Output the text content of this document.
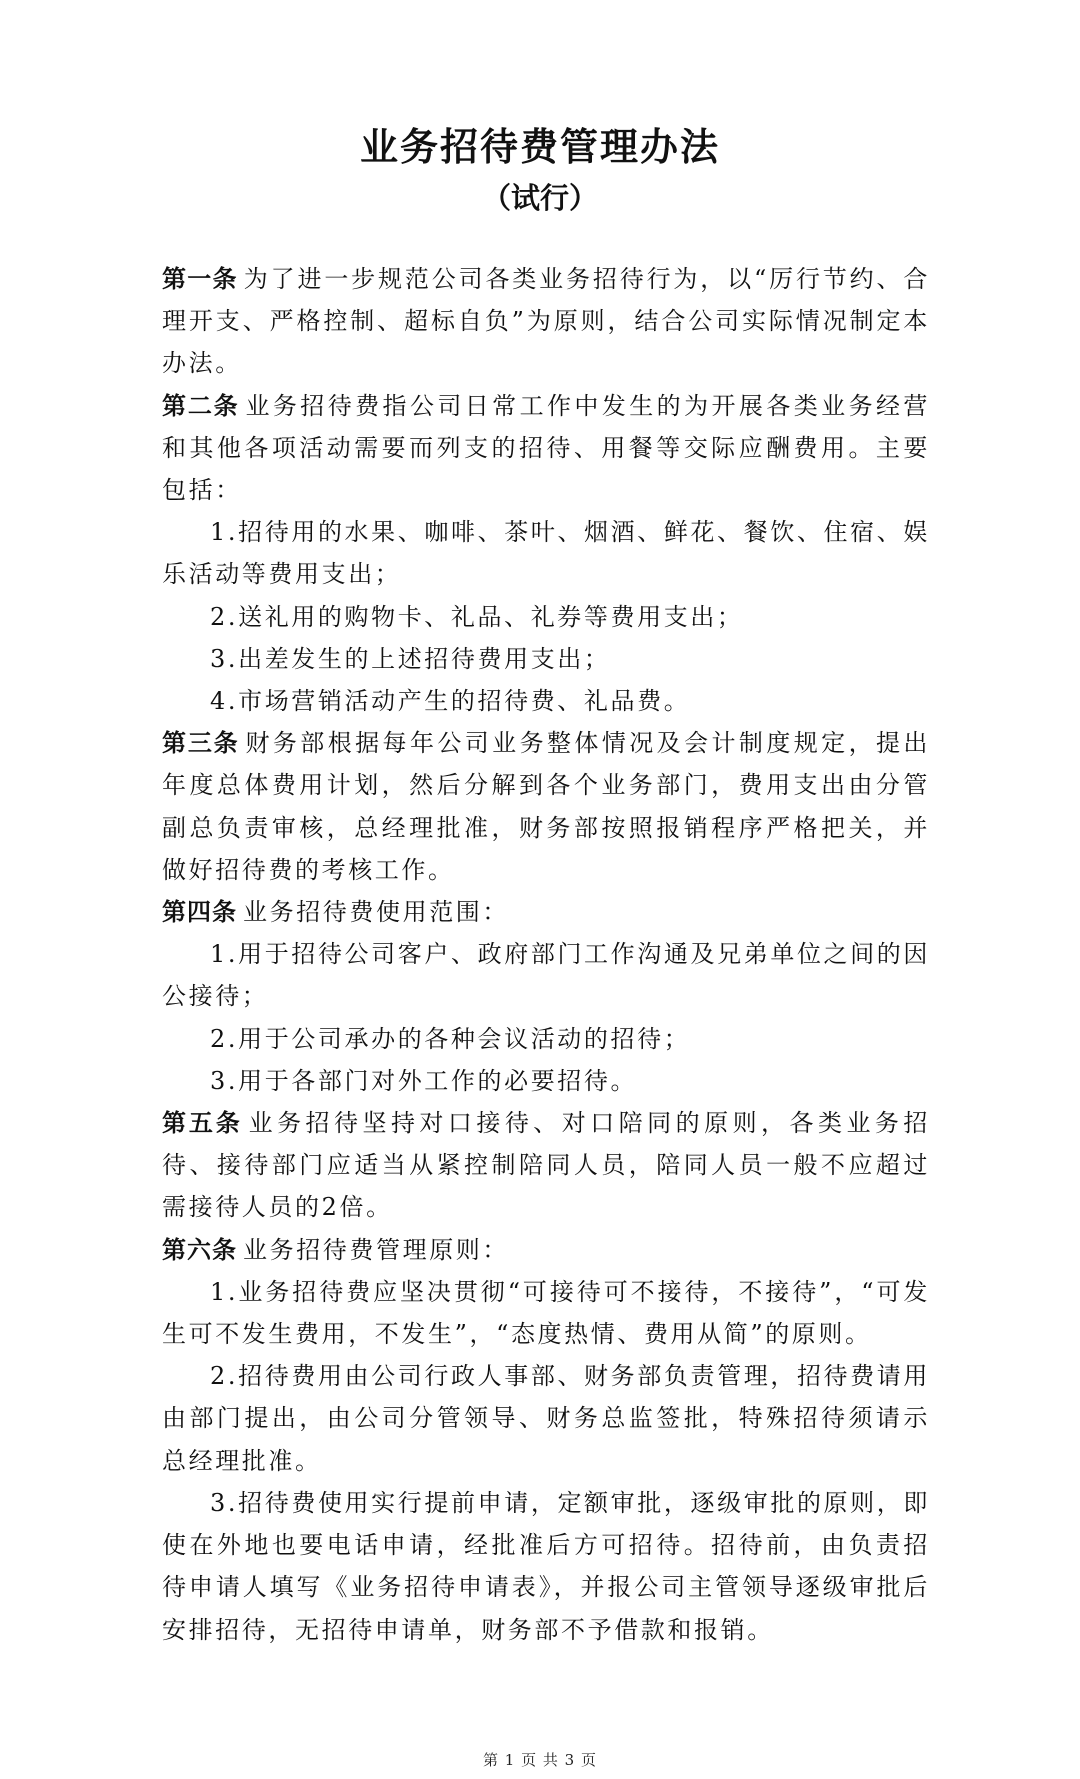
业务招待费管理办法
（试行）

第一条 为了进一步规范公司各类业务招待行为，以“厉行节约、合理开支、严格控制、超标自负”为原则，结合公司实际情况制定本办法。

第二条 业务招待费指公司日常工作中发生的为开展各类业务经营和其他各项活动需要而列支的招待、用餐等交际应酬费用。主要包括：

1.招待用的水果、咖啡、茶叶、烟酒、鲜花、餐饮、住宿、娱乐活动等费用支出；

2.送礼用的购物卡、礼品、礼券等费用支出；

3.出差发生的上述招待费用支出；

4.市场营销活动产生的招待费、礼品费。

第三条 财务部根据每年公司业务整体情况及会计制度规定，提出年度总体费用计划，然后分解到各个业务部门，费用支出由分管副总负责审核，总经理批准，财务部按照报销程序严格把关，并做好招待费的考核工作。

第四条 业务招待费使用范围：

1.用于招待公司客户、政府部门工作沟通及兄弟单位之间的因公接待；

2.用于公司承办的各种会议活动的招待；

3.用于各部门对外工作的必要招待。

第五条 业务招待坚持对口接待、对口陪同的原则，各类业务招待、接待部门应适当从紧控制陪同人员，陪同人员一般不应超过需接待人员的2倍。

第六条 业务招待费管理原则：

1.业务招待费应坚决贯彻“可接待可不接待，不接待”，“可发生可不发生费用，不发生”，“态度热情、费用从简”的原则。

2.招待费用由公司行政人事部、财务部负责管理，招待费请用由部门提出，由公司分管领导、财务总监签批，特殊招待须请示总经理批准。

3.招待费使用实行提前申请，定额审批，逐级审批的原则，即使在外地也要电话申请，经批准后方可招待。招待前，由负责招待申请人填写《业务招待申请表》，并报公司主管领导逐级审批后安排招待，无招待申请单，财务部不予借款和报销。

第 1 页 共 3 页
